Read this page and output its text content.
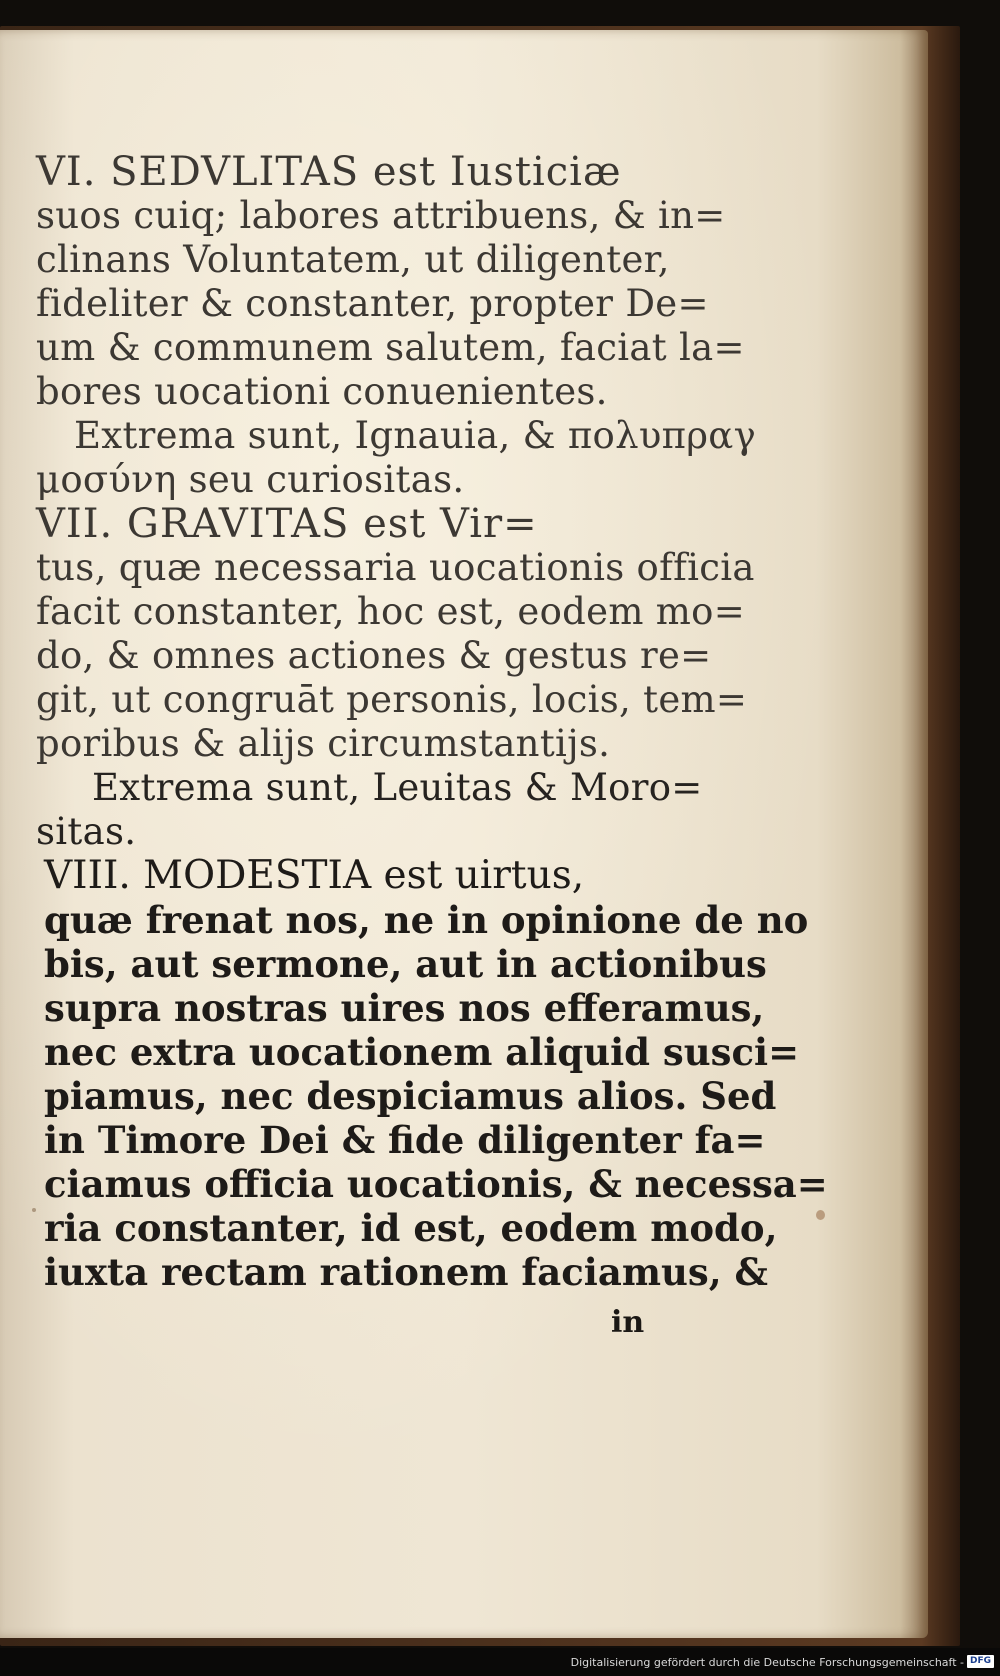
VI. SEDVLITAS est Iusticiæ
suos cuiq; labores attribuens, & in=
clinans Voluntatem, ut diligenter,
fideliter & constanter, propter De=
um & communem salutem, faciat la=
bores uocationi conuenientes.
Extrema sunt, Ignauia, & πολυπραγ
μοσύνη seu curiositas.
VII. GRAVITAS est Vir=
tus, quæ necessaria uocationis officia
facit constanter, hoc est, eodem mo=
do, & omnes actiones & gestus re=
git, ut congruāt personis, locis, tem=
poribus & alijs circumstantijs.
Extrema sunt, Leuitas & Moro=
sitas.
VIII. MODESTIA est uirtus,
quæ frenat nos, ne in opinione de no
bis, aut sermone, aut in actionibus
supra nostras uires nos efferamus,
nec extra uocationem aliquid susci=
piamus, nec despiciamus alios. Sed
in Timore Dei & fide diligenter fa=
ciamus officia uocationis, & necessa=
ria constanter, id est, eodem modo,
iuxta rectam rationem faciamus, &
in
Digitalisierung gefördert durch die Deutsche Forschungsgemeinschaft - DFG
